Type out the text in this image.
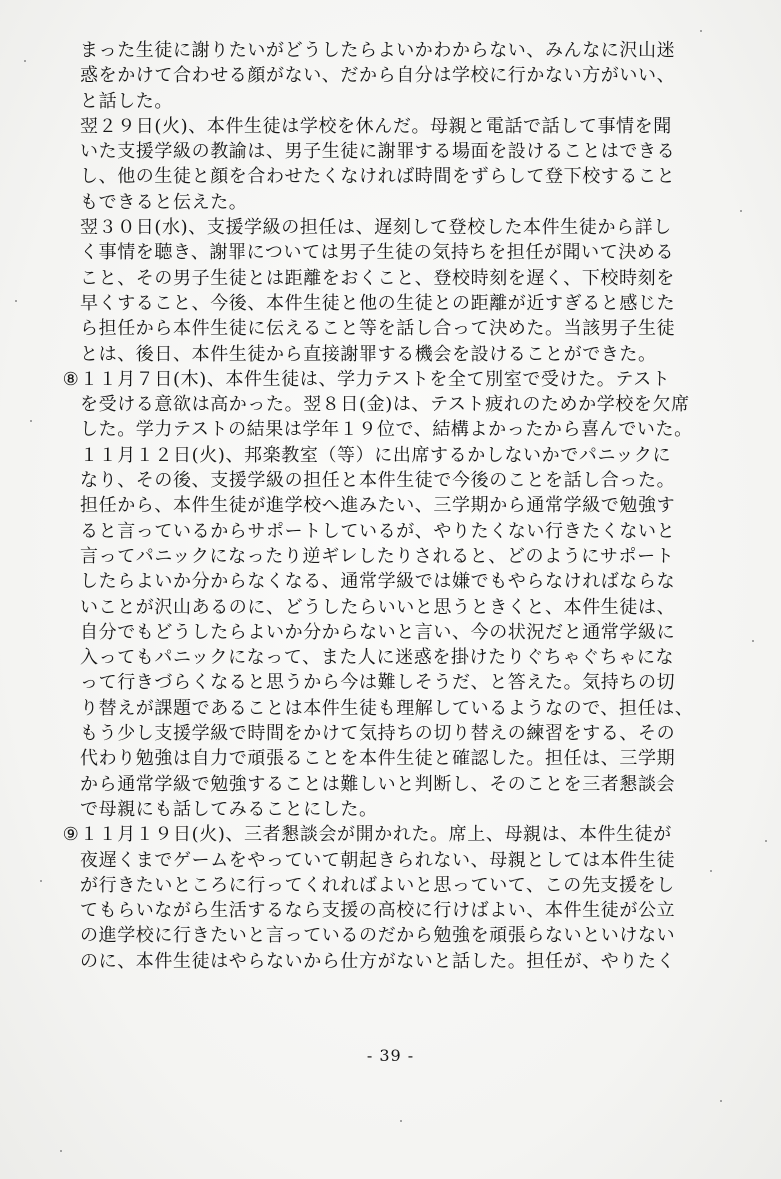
まった生徒に謝りたいがどうしたらよいかわからない、みんなに沢山迷
惑をかけて合わせる顔がない、だから自分は学校に行かない方がいい、
と話した。
翌２９日(火)、本件生徒は学校を休んだ。母親と電話で話して事情を聞
いた支援学級の教諭は、男子生徒に謝罪する場面を設けることはできる
し、他の生徒と顔を合わせたくなければ時間をずらして登下校すること
もできると伝えた。
翌３０日(水)、支援学級の担任は、遅刻して登校した本件生徒から詳し
く事情を聴き、謝罪については男子生徒の気持ちを担任が聞いて決める
こと、その男子生徒とは距離をおくこと、登校時刻を遅く、下校時刻を
早くすること、今後、本件生徒と他の生徒との距離が近すぎると感じた
ら担任から本件生徒に伝えること等を話し合って決めた。当該男子生徒
とは、後日、本件生徒から直接謝罪する機会を設けることができた。
⑧ １１月７日(木)、本件生徒は、学力テストを全て別室で受けた。テスト
を受ける意欲は高かった。翌８日(金)は、テスト疲れのためか学校を欠席
した。学力テストの結果は学年１９位で、結構よかったから喜んでいた。
１１月１２日(火)、邦楽教室（等）に出席するかしないかでパニックに
なり、その後、支援学級の担任と本件生徒で今後のことを話し合った。
担任から、本件生徒が進学校へ進みたい、三学期から通常学級で勉強す
ると言っているからサポートしているが、やりたくない行きたくないと
言ってパニックになったり逆ギレしたりされると、どのようにサポート
したらよいか分からなくなる、通常学級では嫌でもやらなければならな
いことが沢山あるのに、どうしたらいいと思うときくと、本件生徒は、
自分でもどうしたらよいか分からないと言い、今の状況だと通常学級に
入ってもパニックになって、また人に迷惑を掛けたりぐちゃぐちゃにな
って行きづらくなると思うから今は難しそうだ、と答えた。気持ちの切
り替えが課題であることは本件生徒も理解しているようなので、担任は、
もう少し支援学級で時間をかけて気持ちの切り替えの練習をする、その
代わり勉強は自力で頑張ることを本件生徒と確認した。担任は、三学期
から通常学級で勉強することは難しいと判断し、そのことを三者懇談会
で母親にも話してみることにした。
⑨ １１月１９日(火)、三者懇談会が開かれた。席上、母親は、本件生徒が
夜遅くまでゲームをやっていて朝起きられない、母親としては本件生徒
が行きたいところに行ってくれればよいと思っていて、この先支援をし
てもらいながら生活するなら支援の高校に行けばよい、本件生徒が公立
の進学校に行きたいと言っているのだから勉強を頑張らないといけない
のに、本件生徒はやらないから仕方がないと話した。担任が、やりたく
- 39 -
